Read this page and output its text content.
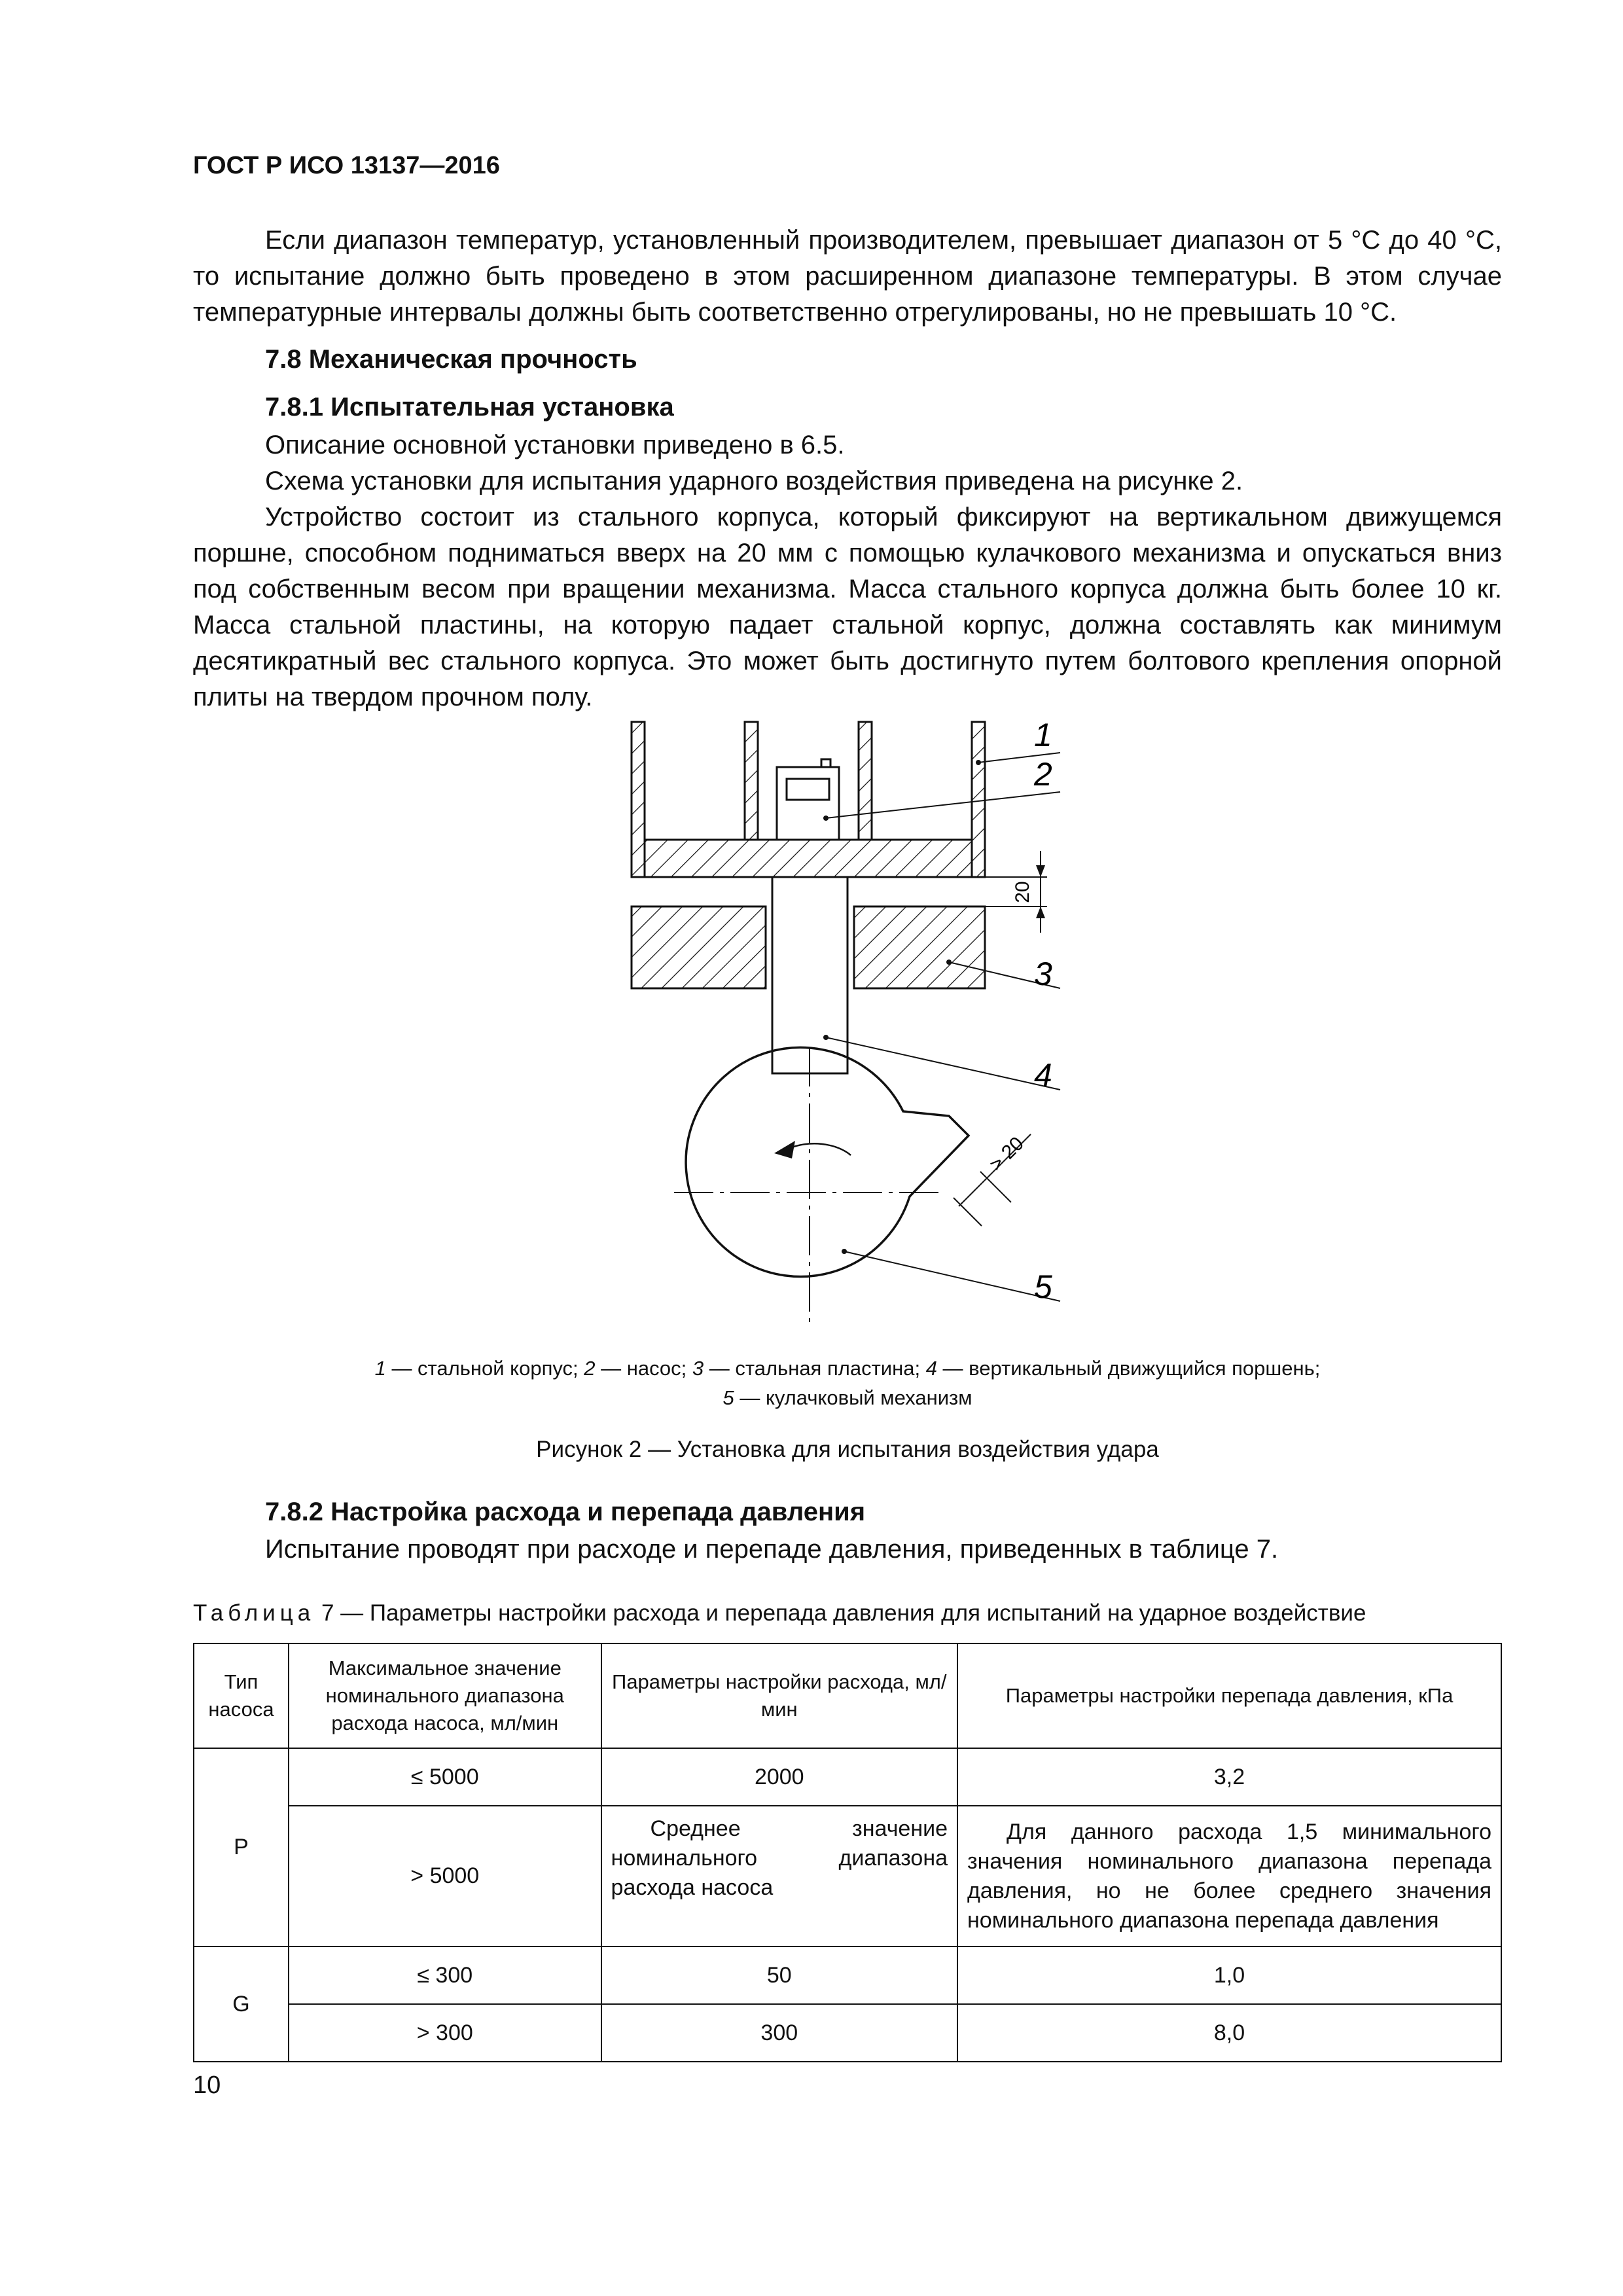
ГОСТ Р ИСО 13137—2016
Если диапазон температур, установленный производителем, превышает диапазон от 5 °С до 40 °С, то испытание должно быть проведено в этом расширенном диапазоне температуры. В этом случае температурные интервалы должны быть соответственно отрегулированы, но не превышать 10 °С.
7.8 Механическая прочность
7.8.1 Испытательная установка
Описание основной установки приведено в 6.5.
Схема установки для испытания ударного воздействия приведена на рисунке 2.
Устройство состоит из стального корпуса, который фиксируют на вертикальном движущемся поршне, способном подниматься вверх на 20 мм с помощью кулачкового механизма и опускаться вниз под собственным весом при вращении механизма. Масса стального корпуса должна быть более 10 кг. Масса стальной пластины, на которую падает стальной корпус, должна составлять как минимум десятикратный вес стального корпуса. Это может быть достигнуто путем болтового крепления опорной плиты на твердом прочном полу.
20
> 20
1
2
3
4
5
1 — стальной корпус; 2 — насос; 3 — стальная пластина; 4 — вертикальный движущийся поршень;
5 — кулачковый механизм
Рисунок 2 — Установка для испытания воздействия удара
7.8.2 Настройка расхода и перепада давления
Испытание проводят при расходе и перепаде давления, приведенных в таблице 7.
Таблица 7 — Параметры настройки расхода и перепада давления для испытаний на ударное воздействие
Тип насоса	Максимальное значение номинального диапазона расхода насоса, мл/мин	Параметры настройки расхода, мл/мин	Параметры настройки перепада давления, кПа
P	≤ 5000	2000	3,2
	> 5000	Среднее значение номинального диапазона расхода насоса	Для данного расхода 1,5 минимального значения номинального диапазона перепада давления, но не более среднего значения номинального диапазона перепада давления
G	≤ 300	50	1,0
	> 300	300	8,0
10
